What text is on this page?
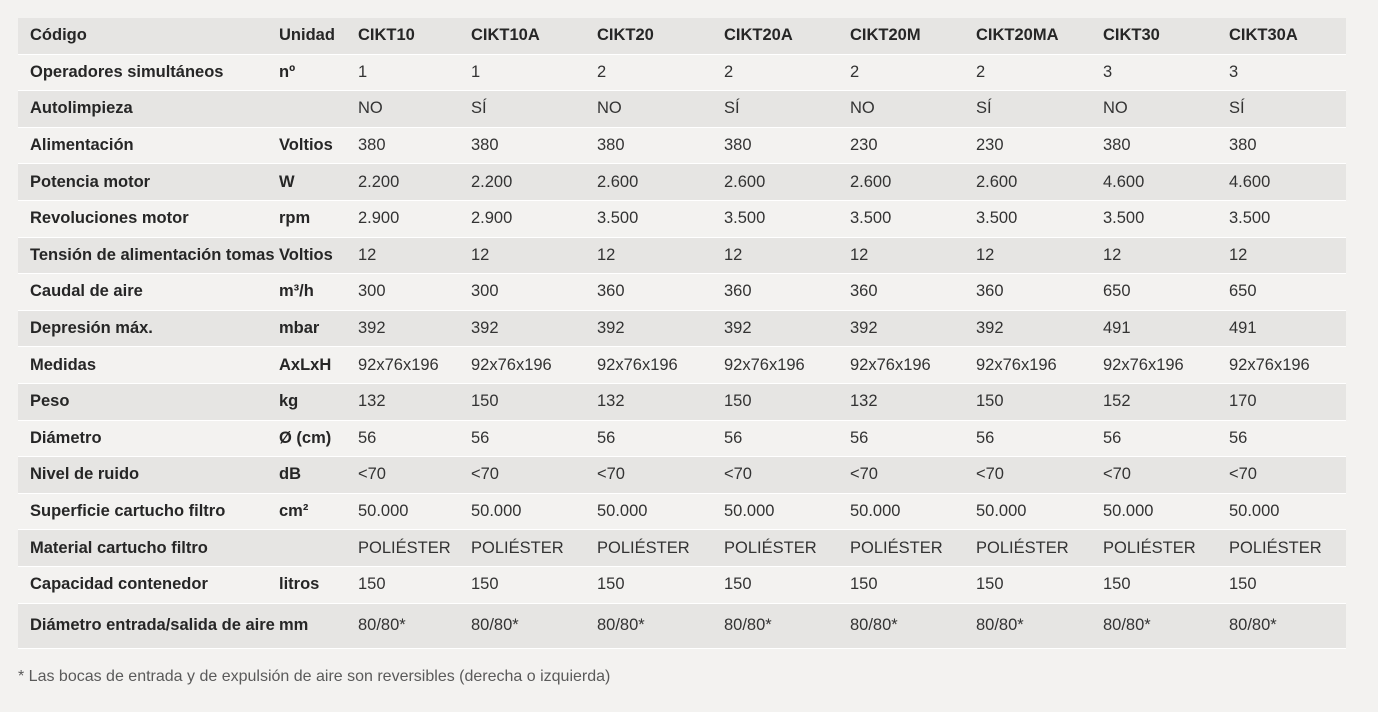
Código	Unidad	CIKT10	CIKT10A	CIKT20	CIKT20A	CIKT20M	CIKT20MA	CIKT30	CIKT30A
Operadores simultáneos	nº	1	1	2	2	2	2	3	3
Autolimpieza		NO	SÍ	NO	SÍ	NO	SÍ	NO	SÍ
Alimentación	Voltios	380	380	380	380	230	230	380	380
Potencia motor	W	2.200	2.200	2.600	2.600	2.600	2.600	4.600	4.600
Revoluciones motor	rpm	2.900	2.900	3.500	3.500	3.500	3.500	3.500	3.500
Tensión de alimentación tomas	Voltios	12	12	12	12	12	12	12	12
Caudal de aire	m³/h	300	300	360	360	360	360	650	650
Depresión máx.	mbar	392	392	392	392	392	392	491	491
Medidas	AxLxH	92x76x196	92x76x196	92x76x196	92x76x196	92x76x196	92x76x196	92x76x196	92x76x196
Peso	kg	132	150	132	150	132	150	152	170
Diámetro	Ø (cm)	56	56	56	56	56	56	56	56
Nivel de ruido	dB	<70	<70	<70	<70	<70	<70	<70	<70
Superficie cartucho filtro	cm²	50.000	50.000	50.000	50.000	50.000	50.000	50.000	50.000
Material cartucho filtro		POLIÉSTER	POLIÉSTER	POLIÉSTER	POLIÉSTER	POLIÉSTER	POLIÉSTER	POLIÉSTER	POLIÉSTER
Capacidad contenedor	litros	150	150	150	150	150	150	150	150
Diámetro entrada/salida de aire	mm	80/80*	80/80*	80/80*	80/80*	80/80*	80/80*	80/80*	80/80*
* Las bocas de entrada y de expulsión de aire son reversibles (derecha o izquierda)
